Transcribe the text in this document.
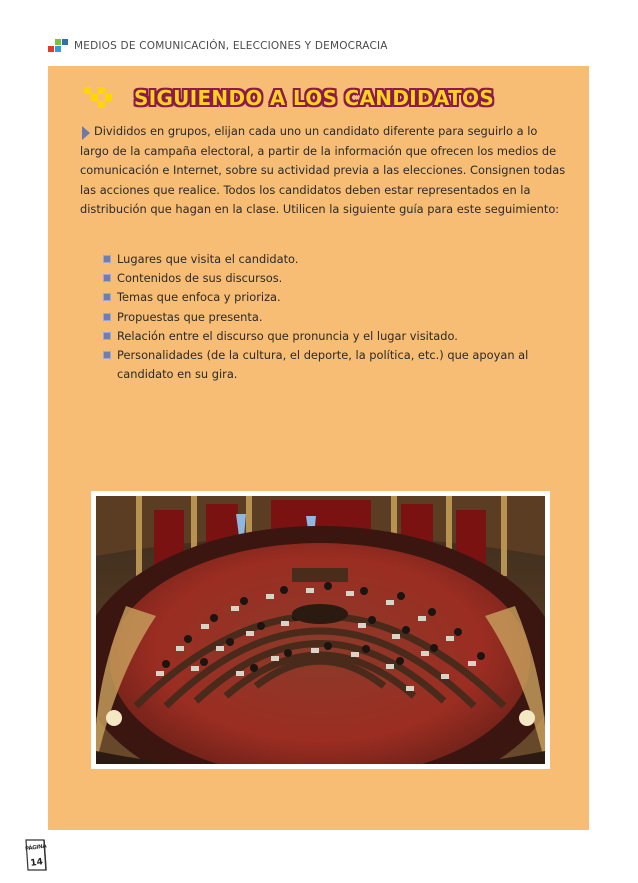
MEDIOS DE COMUNICACIÓN, ELECCIONES Y DEMOCRACIA
SIGUIENDO A LOS CANDIDATOS
Divididos en grupos, elijan cada uno un candidato diferente para seguirlo a lo largo de la campaña electoral, a partir de la información que ofrecen los medios de comunicación e Internet, sobre su actividad previa a las elecciones. Consignen todas las acciones que realice. Todos los candidatos deben estar representados en la distribución que hagan en la clase. Utilicen la siguiente guía para este seguimiento:
Lugares que visita el candidato.
Contenidos de sus discursos.
Temas que enfoca y prioriza.
Propuestas que presenta.
Relación entre el discurso que pronuncia y el lugar visitado.
Personalidades (de la cultura, el deporte, la política, etc.) que apoyan al candidato en su gira.
PÁGINA
14
